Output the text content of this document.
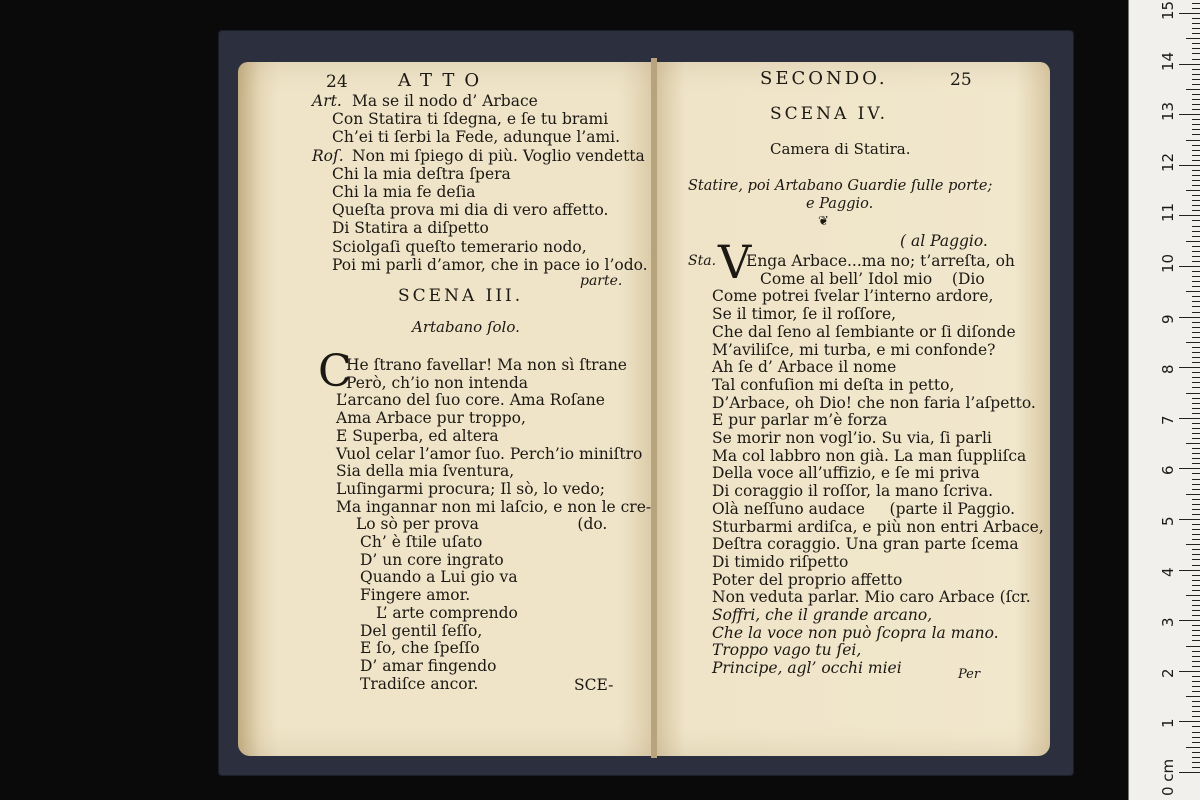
24	ATTO
Art. Ma se il nodo d’ Arbace
Con Statira ti ſdegna, e ſe tu brami
Ch’ei ti ſerbi la Fede, adunque l’ami.
Roſ. Non mi ſpiego di più. Voglio vendetta
Chi la mia deſtra ſpera
Chi la mia fe deſia
Queſta prova mi dia di vero affetto.
Di Statira a diſpetto
Sciolgaſi queſto temerario nodo,
Poi mi parli d’amor, che in pace io l’odo.
parte.
SCENA III.
Artabano ſolo.
C
He ſtrano favellar! Ma non sì ſtrane
Però, ch’io non intenda
L’arcano del ſuo core. Ama Roſane
Ama Arbace pur troppo,
E Superba, ed altera
Vuol celar l’amor ſuo. Perch’io miniſtro
Sia della mia ſventura,
Luſingarmi procura; Il sò, lo vedo;
Ma ingannar non mi laſcio, e non le cre-
Lo sò per prova                    (do.
Ch’ è ſtile uſato
D’ un core ingrato
Quando a Lui gio va
Fingere amor.
L’ arte comprendo
Del gentil ſeſſo,
E ſo, che ſpeſſo
D’ amar fingendo
Tradiſce ancor.	SCE-
SECONDO.	25
SCENA IV.
Camera di Statira.
Statire, poi Artabano Guardie ſulle porte;
e Paggio.
❦
( al Paggio.
Sta. V
Enga Arbace...ma no; t’arreſta, oh
Come al bell’ Idol mio    (Dio
Come potrei ſvelar l’interno ardore,
Se il timor, ſe il roſſore,
Che dal ſeno al ſembiante or ſi diſonde
M’aviliſce, mi turba, e mi confonde?
Ah ſe d’ Arbace il nome
Tal confuſion mi deſta in petto,
D’Arbace, oh Dio! che non faria l’aſpetto.
E pur parlar m’è forza
Se morir non vogl’io. Su via, ſi parli
Ma col labbro non già. La man ſuppliſca
Della voce all’uffizio, e ſe mi priva
Di coraggio il roſſor, la mano ſcriva.
Olà neſſuno audace     (parte il Paggio.
Sturbarmi ardiſca, e più non entri Arbace,
Deſtra coraggio. Una gran parte ſcema
Di timido riſpetto
Poter del proprio affetto
Non veduta parlar. Mio caro Arbace (ſcr.
Soffri, che il grande arcano,
Che la voce non può ſcopra la mano.
Troppo vago tu ſei,
Principe, agl’ occhi miei	Per
0 cm
1
2
3
4
5
6
7
8
9
10
11
12
13
14
15
